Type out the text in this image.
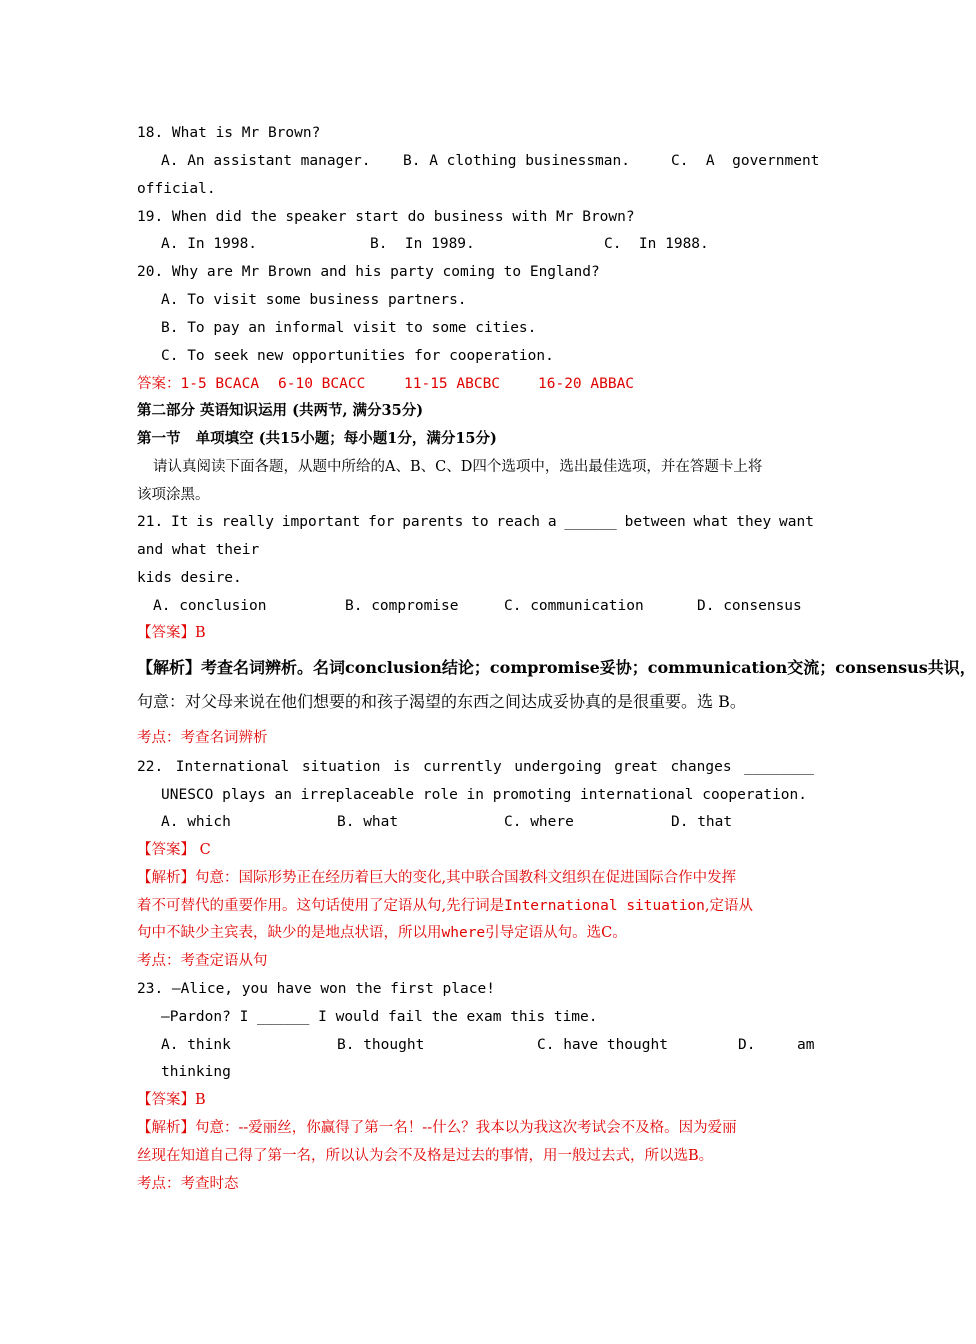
18. What is Mr Brown?
A. An assistant manager. B. A clothing businessman.	C.  A  government
official.
19. When did the speaker start do business with Mr Brown?
A. In 1998.	B.  In 1989.	C.  In 1988.
20. Why are Mr Brown and his party coming to England?
A. To visit some business partners.
B. To pay an informal visit to some cities.
C. To seek new opportunities for cooperation.
答案：1-5 BCACA 6-10 BCACC	11-15 ABCBC	16-20 ABBAC
第二部分 英语知识运用 (共两节, 满分35分)
第一节   单项填空 (共15小题；每小题1分，满分15分)
请认真阅读下面各题，从题中所给的A、B、C、D四个选项中，选出最佳选项，并在答题卡上将
该项涂黑。
21. It is really important for parents to reach a ______ between what they want
and what their
kids desire.
A. conclusion	B. compromise	C. communication	D. consensus
【答案】B
【解析】考查名词辨析。名词 conclusion 结论； compromise 妥协； communication 交流； consensus 共识，
句意：对父母来说在他们想要的和孩子渴望的东西之间达成妥协真的是很重要。选 B。
考点：考查名词辨析
22. International situation is currently undergoing great changes ________
UNESCO plays an irreplaceable role in promoting international cooperation.
A. which	B. what	C. where	D. that
【答案】 C
【解析】句意：国际形势正在经历着巨大的变化,其中联合国教科文组织在促进国际合作中发挥
着不可替代的重要作用。这句话使用了定语从句,先行词是International situation,定语从
句中不缺少主宾表，缺少的是地点状语，所以用where引导定语从句。选C。
考点：考查定语从句
23. —Alice, you have won the first place!
—Pardon? I ______ I would fail the exam this time.
A. think	B. thought	C. have thought	D.	am
thinking
【答案】B
【解析】句意：--爱丽丝，你赢得了第一名！--什么？我本以为我这次考试会不及格。因为爱丽
丝现在知道自己得了第一名，所以认为会不及格是过去的事情，用一般过去式，所以选B。
考点：考查时态
